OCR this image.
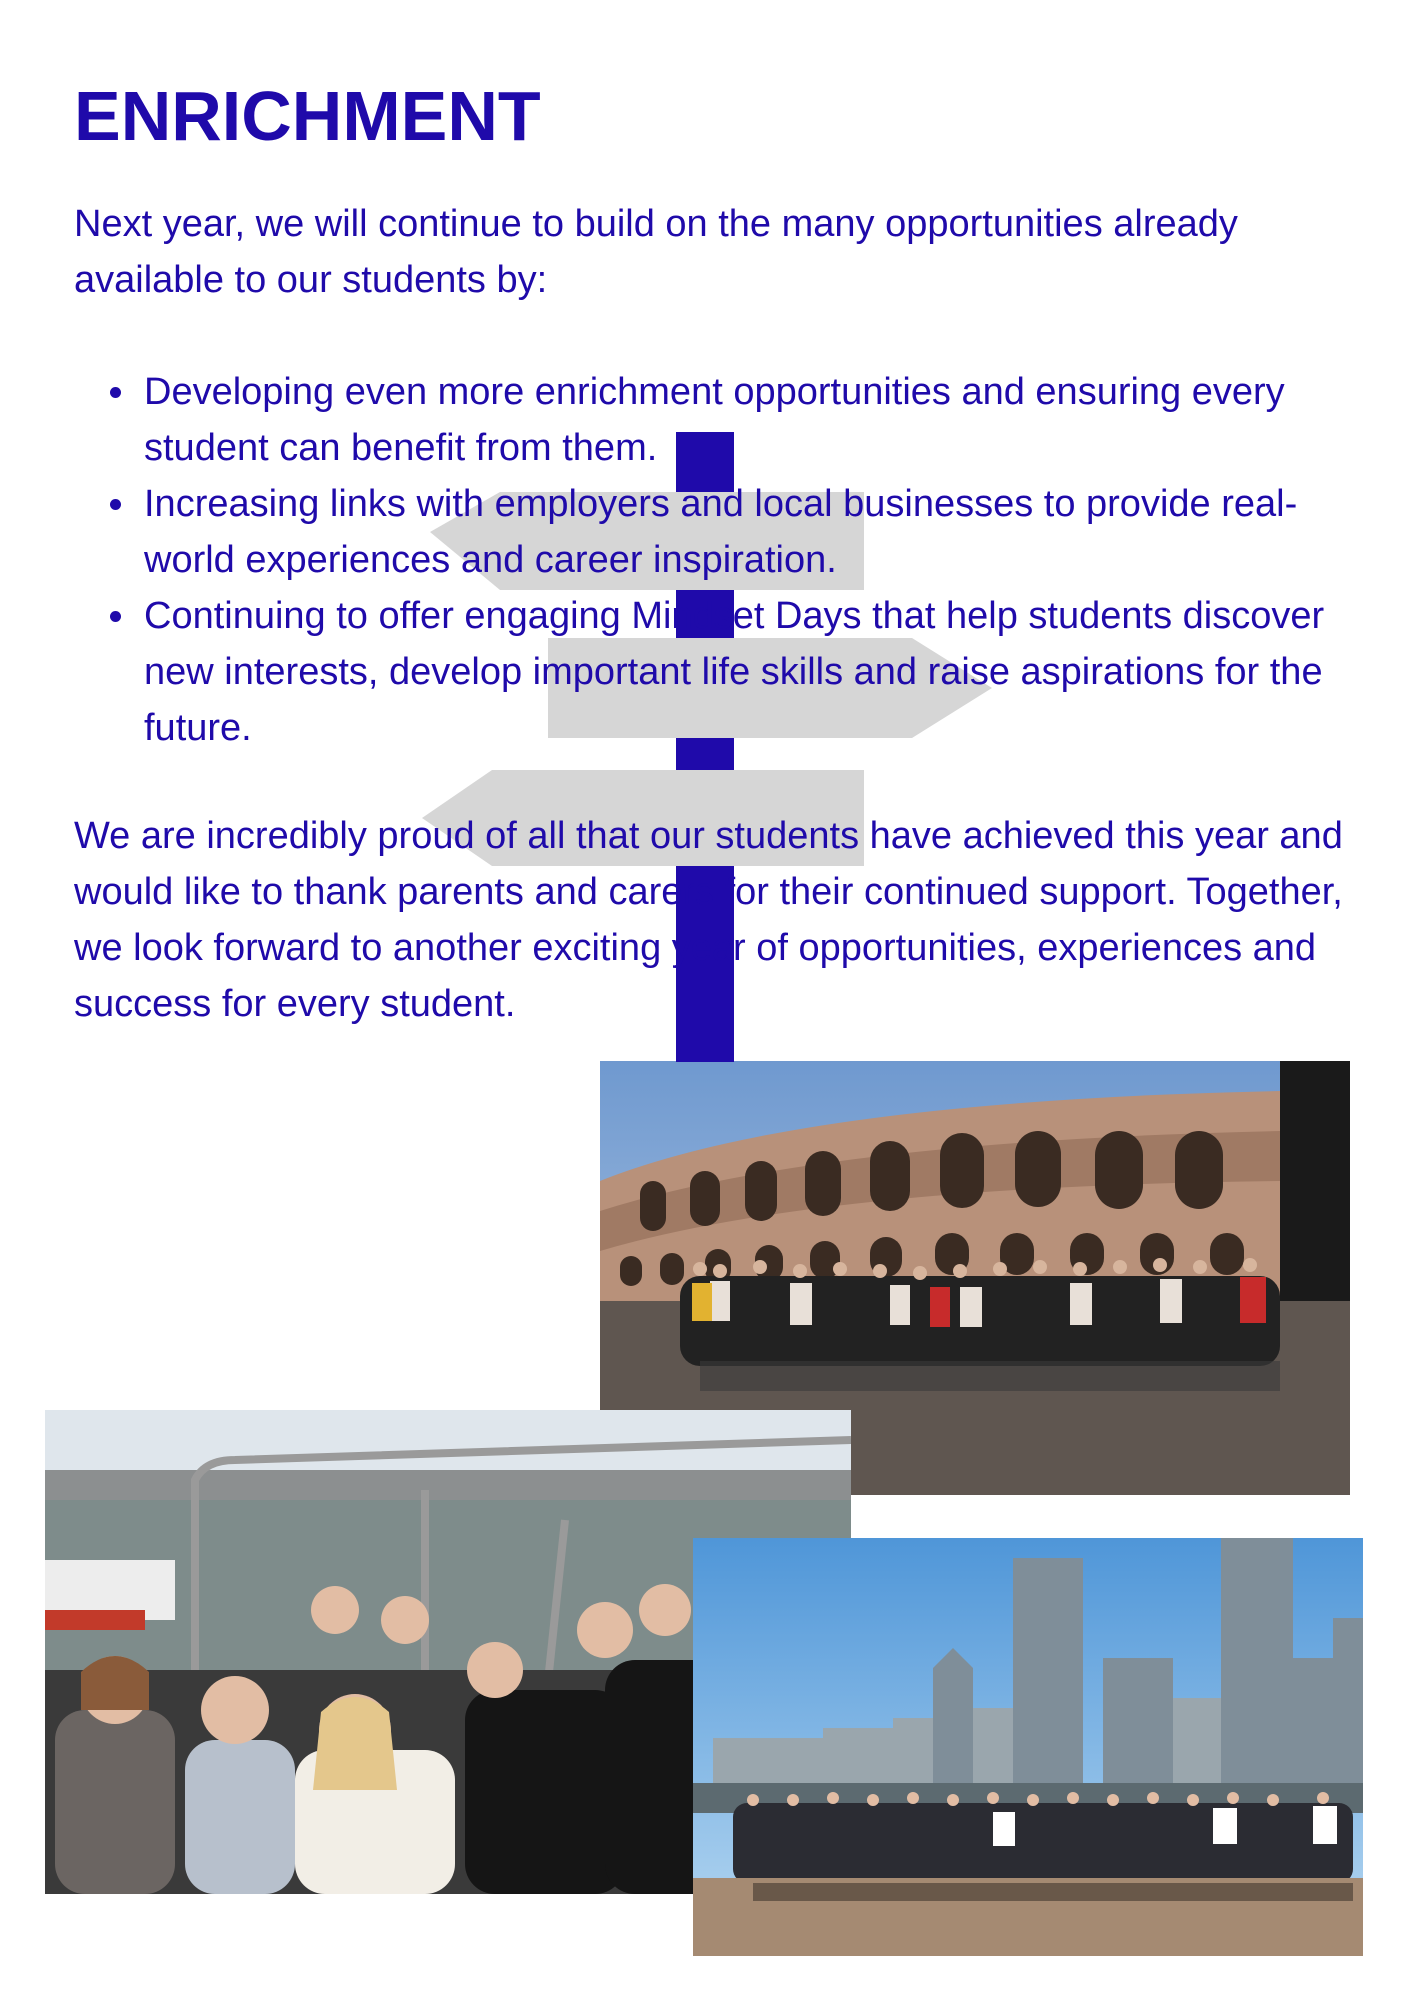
ENRICHMENT

Next year, we will continue to build on the many opportunities already available to our students by:

Developing even more enrichment opportunities and ensuring every student can benefit from them.
Increasing links with employers and local businesses to provide real-world experiences and career inspiration.
Continuing to offer engaging Mindset Days that help students discover new interests, develop important life skills and raise aspirations for the future.

We are incredibly proud of all that our students have achieved this year and would like to thank parents and carers for their continued support. Together, we look forward to another exciting year of opportunities, experiences and success for every student.
